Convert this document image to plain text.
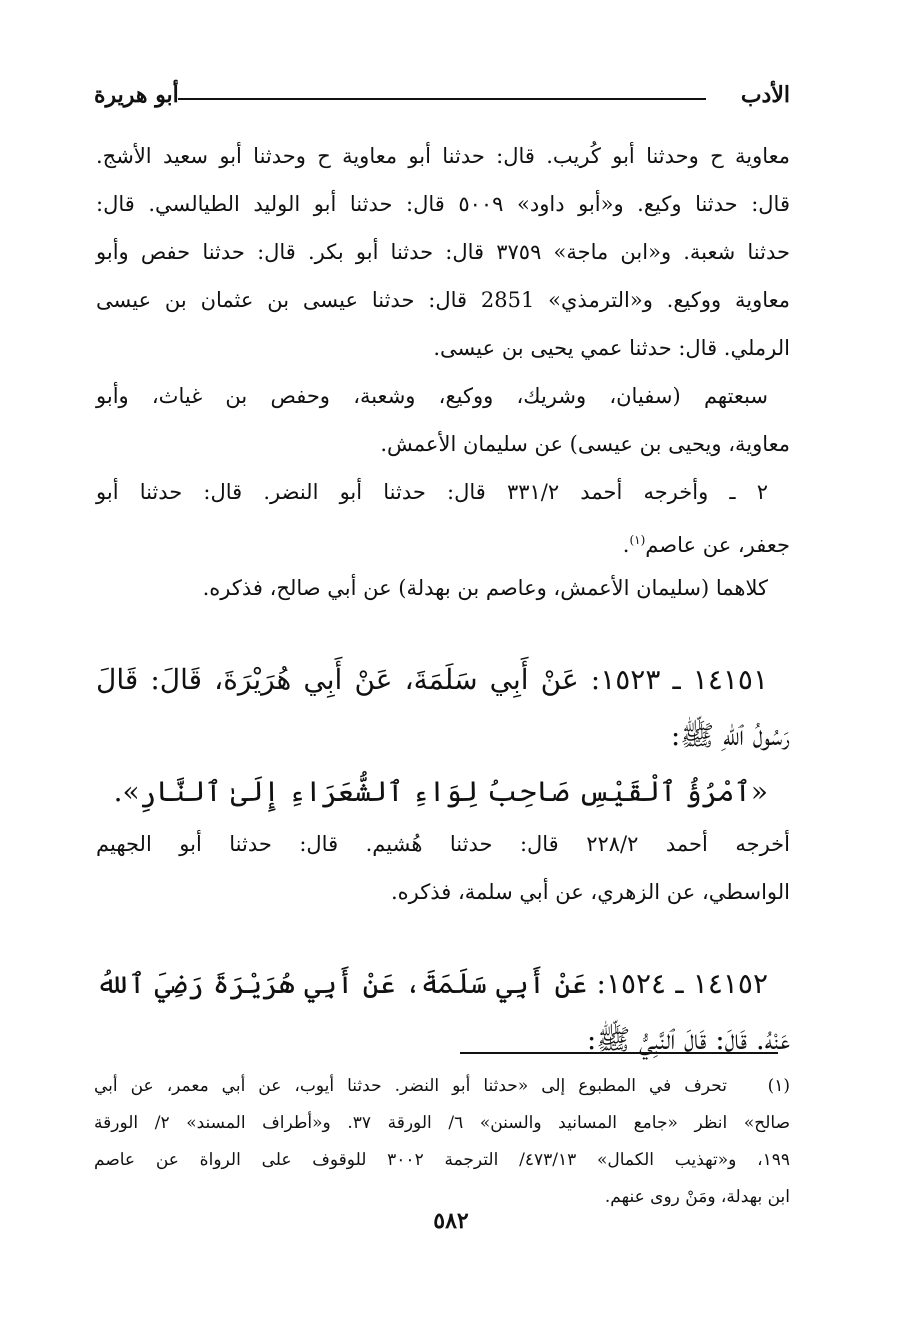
الأدب
أبو هريرة
معاوية ح وحدثنا أبو كُريب. قال: حدثنا أبو معاوية ح وحدثنا أبو سعيد الأشج.
قال: حدثنا وكيع. و«أبو داود» ٥٠٠٩ قال: حدثنا أبو الوليد الطيالسي. قال:
حدثنا شعبة. و«ابن ماجة» ٣٧٥٩ قال: حدثنا أبو بكر. قال: حدثنا حفص وأبو
معاوية ووكيع. و«الترمذي» 2851 قال: حدثنا عيسى بن عثمان بن عيسى
الرملي. قال: حدثنا عمي يحيى بن عيسى.
سبعتهم (سفيان، وشريك، ووكيع، وشعبة، وحفص بن غياث، وأبو
معاوية، ويحيى بن عيسى) عن سليمان الأعمش.
٢ ـ وأخرجه أحمد ٣٣١/٢ قال: حدثنا أبو النضر. قال: حدثنا أبو
جعفر، عن عاصم$^{(١)}$.
كلاهما (سليمان الأعمش، وعاصم بن بهدلة) عن أبي صالح، فذكره.
١٤١٥١ ـ ١٥٢٣: عَنْ أَبِي سَلَمَةَ، عَنْ أَبِي هُرَيْرَةَ، قَالَ: قَالَ
رَسُولُ ٱللهِ ﷺ:
«ٱمْرُؤُ ٱلْقَيْسِ صَاحِبُ لِوَاءِ ٱلشُّعَرَاءِ إِلَىٰ ٱلنَّارِ».
أخرجه أحمد ٢٢٨/٢ قال: حدثنا هُشيم. قال: حدثنا أبو الجهيم
الواسطي، عن الزهري، عن أبي سلمة، فذكره.
١٤١٥٢ ـ ١٥٢٤: عَنْ أَبِي سَلَمَةَ، عَنْ أَبِي هُرَيْرَةَ رَضِيَ ٱللهُ
عَنْهُ. قَالَ: قَالَ ٱلنَّبِيُّ ﷺ:
(١) تحرف في المطبوع إلى «حدثنا أبو النضر. حدثنا أيوب، عن أبي معمر، عن أبي
صالح» انظر «جامع المسانيد والسنن» ٦/ الورقة ٣٧. و«أطراف المسند» ٢/ الورقة
١٩٩، و«تهذيب الكمال» ٤٧٣/١٣/ الترجمة ٣٠٠٢ للوقوف على الرواة عن عاصم
ابن بهدلة، ومَنْ روى عنهم.
٥٨٢
